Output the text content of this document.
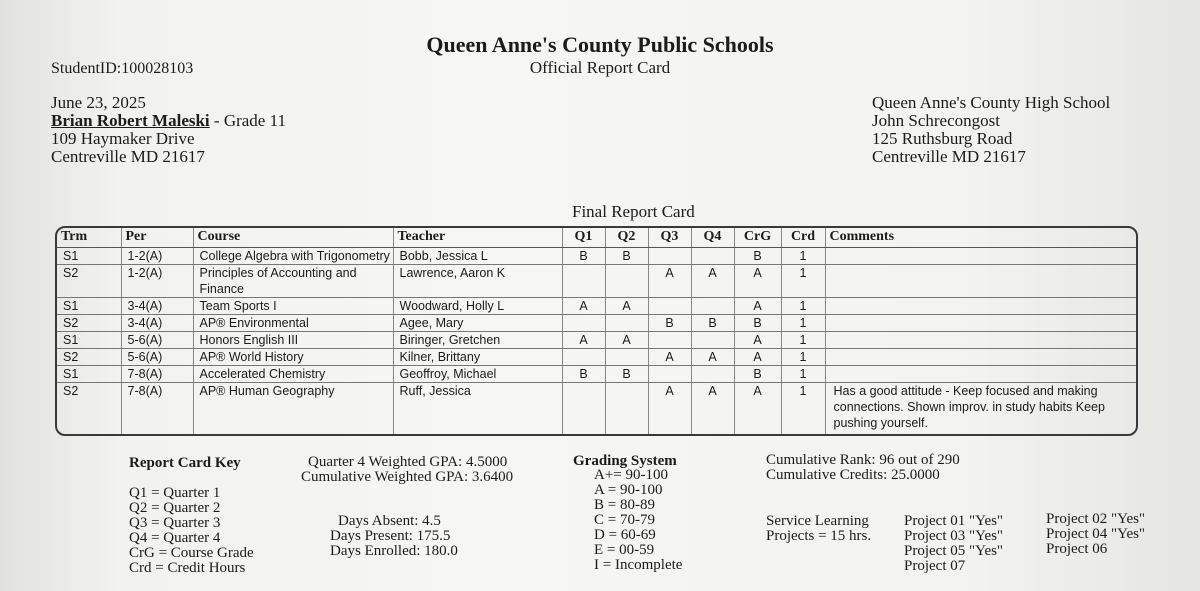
Queen Anne's County Public Schools
Official Report Card
StudentID:100028103
June 23, 2025
Brian Robert Maleski - Grade 11
109 Haymaker Drive
Centreville MD 21617
Queen Anne's County High School
John Schrecongost
125 Ruthsburg Road
Centreville MD 21617
Final Report Card
Trm	Per	Course	Teacher	Q1	Q2	Q3	Q4	CrG	Crd	Comments
S1	1-2(A)	College Algebra with Trigonometry	Bobb, Jessica L	B	B			B	1	
S2	1-2(A)	Principles of Accounting and Finance	Lawrence, Aaron K			A	A	A	1	
S1	3-4(A)	Team Sports I	Woodward, Holly L	A	A			A	1	
S2	3-4(A)	AP® Environmental	Agee, Mary			B	B	B	1	
S1	5-6(A)	Honors English III	Biringer, Gretchen	A	A			A	1	
S2	5-6(A)	AP® World History	Kilner, Brittany			A	A	A	1	
S1	7-8(A)	Accelerated Chemistry	Geoffroy, Michael	B	B			B	1	
S2	7-8(A)	AP® Human Geography	Ruff, Jessica			A	A	A	1	Has a good attitude - Keep focused and making connections. Shown improv. in study habits Keep pushing yourself.
Report Card Key
Q1 = Quarter 1
Q2 = Quarter 2
Q3 = Quarter 3
Q4 = Quarter 4
CrG = Course Grade
Crd = Credit Hours
Quarter 4 Weighted GPA: 4.5000
Cumulative Weighted GPA: 3.6400
Days Absent: 4.5
Days Present: 175.5
Days Enrolled: 180.0
Grading System
A+= 90-100
A = 90-100
B = 80-89
C = 70-79
D = 60-69
E = 00-59
I = Incomplete
Cumulative Rank: 96 out of 290
Cumulative Credits: 25.0000
Service Learning
Projects = 15 hrs.
Project 01 "Yes"	Project 02 "Yes"
Project 03 "Yes"	Project 04 "Yes"
Project 05 "Yes"	Project 06
Project 07
